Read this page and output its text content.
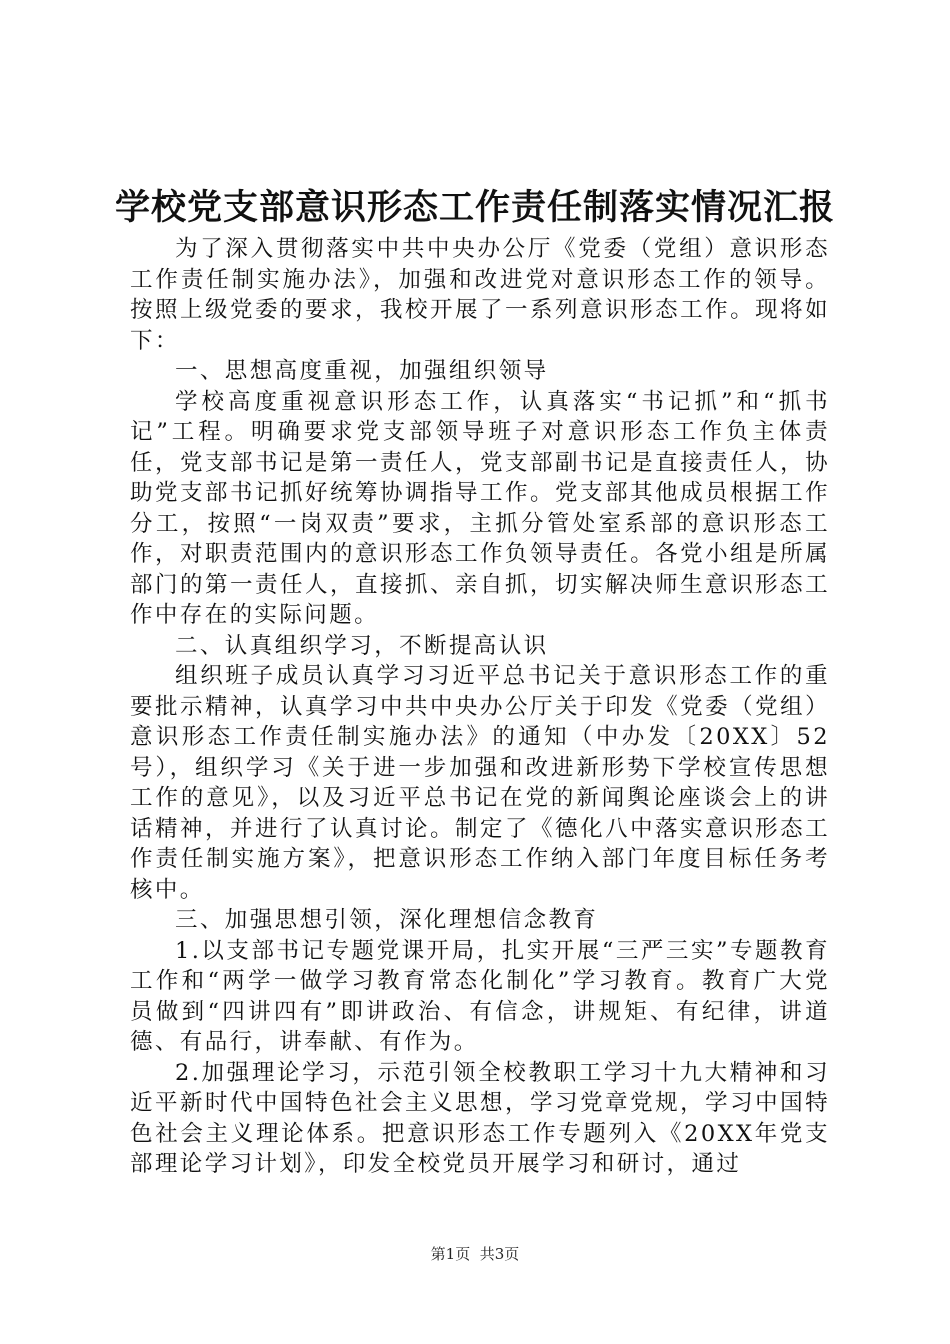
学校党支部意识形态工作责任制落实情况汇报

为了深入贯彻落实中共中央办公厅《党委（党组）意识形态工作责任制实施办法》，加强和改进党对意识形态工作的领导。按照上级党委的要求，我校开展了一系列意识形态工作。现将如下：

一、思想高度重视，加强组织领导

学校高度重视意识形态工作，认真落实“书记抓”和“抓书记”工程。明确要求党支部领导班子对意识形态工作负主体责任，党支部书记是第一责任人，党支部副书记是直接责任人，协助党支部书记抓好统筹协调指导工作。党支部其他成员根据工作分工，按照“一岗双责”要求，主抓分管处室系部的意识形态工作，对职责范围内的意识形态工作负领导责任。各党小组是所属部门的第一责任人，直接抓、亲自抓，切实解决师生意识形态工作中存在的实际问题。

二、认真组织学习，不断提高认识

组织班子成员认真学习习近平总书记关于意识形态工作的重要批示精神，认真学习中共中央办公厅关于印发《党委（党组）意识形态工作责任制实施办法》的通知（中办发〔20XX〕52号），组织学习《关于进一步加强和改进新形势下学校宣传思想工作的意见》，以及习近平总书记在党的新闻舆论座谈会上的讲话精神，并进行了认真讨论。制定了《德化八中落实意识形态工作责任制实施方案》，把意识形态工作纳入部门年度目标任务考核中。

三、加强思想引领，深化理想信念教育

1.以支部书记专题党课开局，扎实开展“三严三实”专题教育工作和“两学一做学习教育常态化制化”学习教育。教育广大党员做到“四讲四有”即讲政治、有信念，讲规矩、有纪律，讲道德、有品行，讲奉献、有作为。

2.加强理论学习，示范引领全校教职工学习十九大精神和习近平新时代中国特色社会主义思想，学习党章党规，学习中国特色社会主义理论体系。把意识形态工作专题列入《20XX年党支部理论学习计划》，印发全校党员开展学习和研讨，通过

第1页 共3页
